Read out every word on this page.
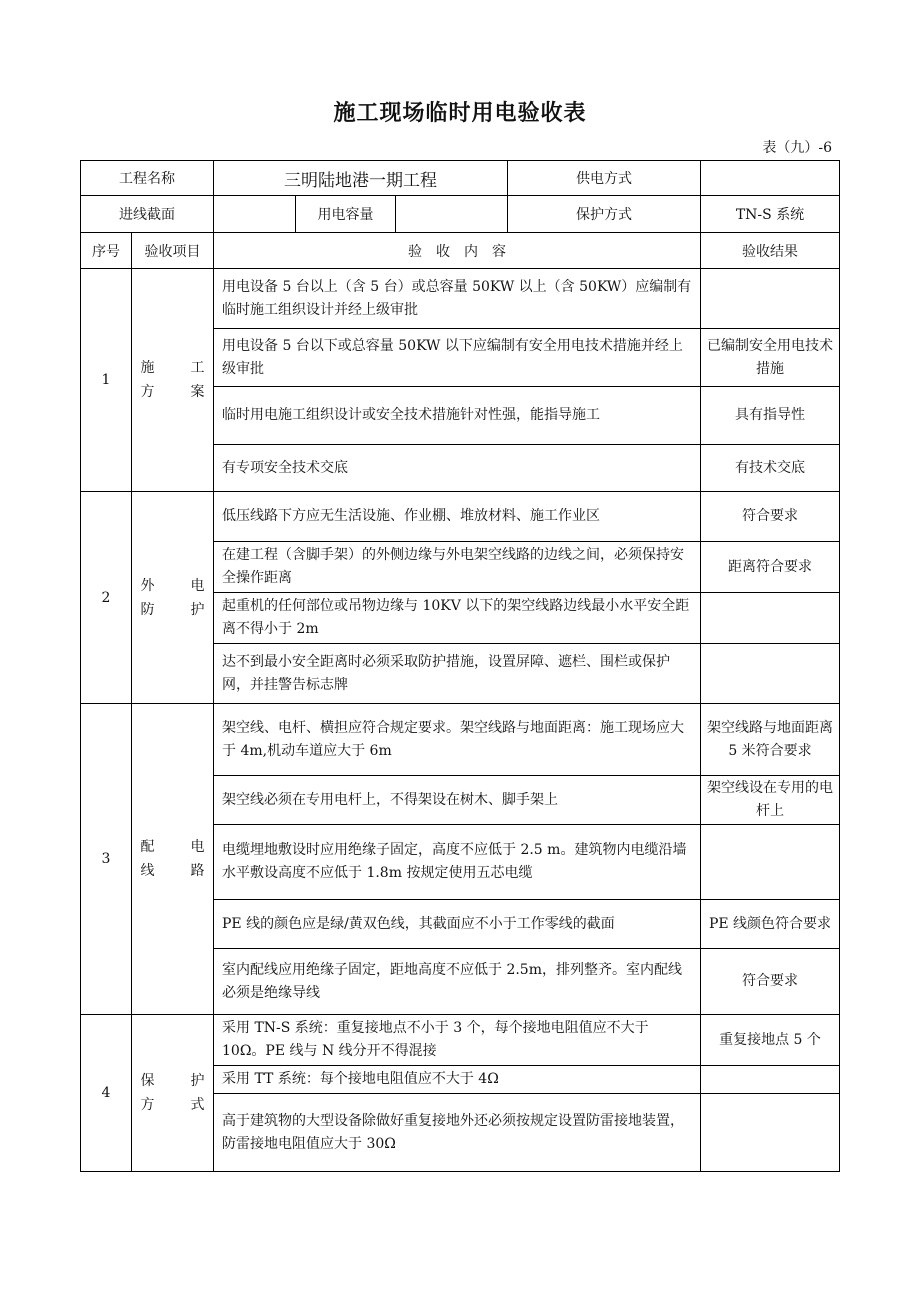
施工现场临时用电验收表
表（九）-6
工程名称		三明陆地港一期工程			供电方式	
进线截面			用电容量		保护方式	TN-S 系统
序号	验收项目	验　收　内　容				验收结果
1	施 工
方 案	用电设备 5 台以上（含 5 台）或总容量 50KW 以上（含 50KW）应编制有临时施工组织设计并经上级审批				
		用电设备 5 台以下或总容量 50KW 以下应编制有安全用电技术措施并经上级审批				已编制安全用电技术措施
		临时用电施工组织设计或安全技术措施针对性强，能指导施工				具有指导性
		有专项安全技术交底				有技术交底
2	外 电
防 护	低压线路下方应无生活设施、作业棚、堆放材料、施工作业区				符合要求
		在建工程（含脚手架）的外侧边缘与外电架空线路的边线之间，必须保持安全操作距离				距离符合要求
		起重机的任何部位或吊物边缘与 10KV 以下的架空线路边线最小水平安全距离不得小于 2m				
		达不到最小安全距离时必须采取防护措施，设置屏障、遮栏、围栏或保护网，并挂警告标志牌				
3	配 电
线 路	架空线、电杆、横担应符合规定要求。架空线路与地面距离：施工现场应大于 4m,机动车道应大于 6m				架空线路与地面距离 5 米符合要求
		架空线必须在专用电杆上，不得架设在树木、脚手架上				架空线设在专用的电杆上
		电缆埋地敷设时应用绝缘子固定，高度不应低于 2.5 m。建筑物内电缆沿墙水平敷设高度不应低于 1.8m 按规定使用五芯电缆				
		PE 线的颜色应是绿/黄双色线，其截面应不小于工作零线的截面				PE 线颜色符合要求
		室内配线应用绝缘子固定，距地高度不应低于 2.5m，排列整齐。室内配线必须是绝缘导线				符合要求
4	保 护
方 式	采用 TN-S 系统：重复接地点不小于 3 个，每个接地电阻值应不大于 10Ω。PE 线与 N 线分开不得混接				重复接地点 5 个
		采用 TT 系统：每个接地电阻值应不大于 4Ω				
		高于建筑物的大型设备除做好重复接地外还必须按规定设置防雷接地装置，防雷接地电阻值应大于 30Ω				
